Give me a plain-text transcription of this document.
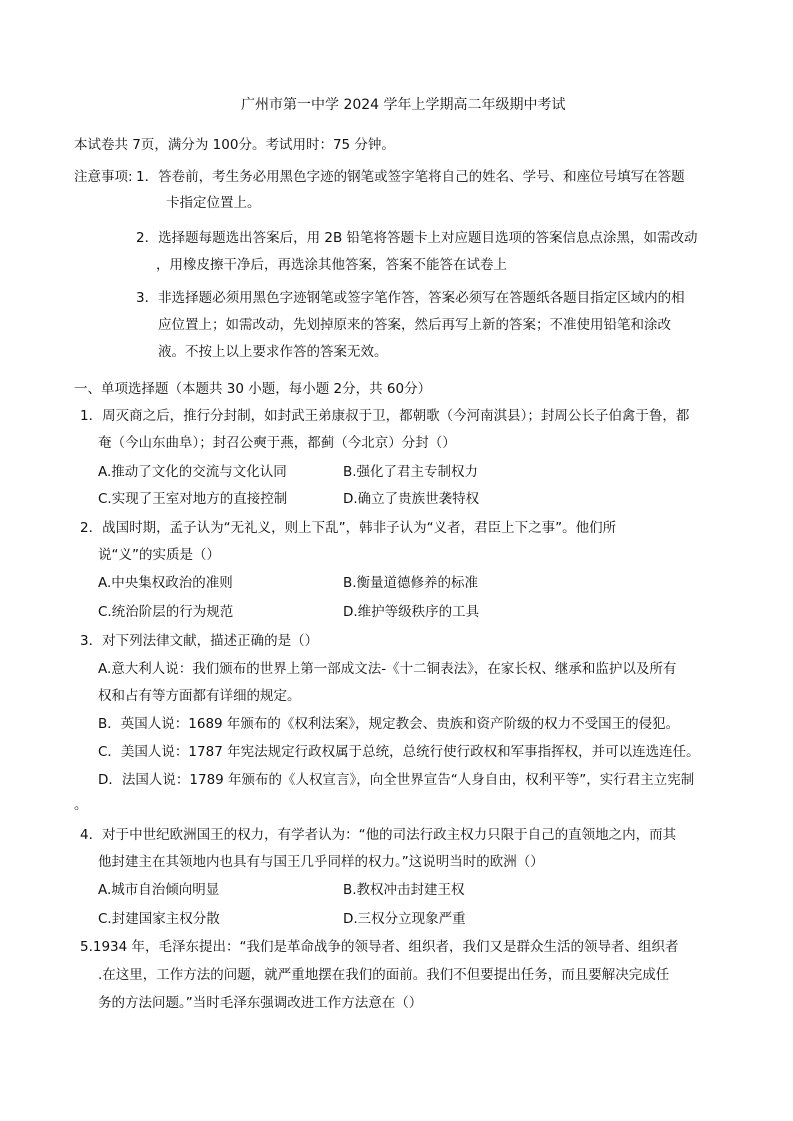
广州市第一中学 2024 学年上学期高二年级期中考试
本试卷共 7页，满分为 100分。考试用时：75 分钟。
注意事项: 1．答卷前，考生务必用黑色字迹的钢笔或签字笔将自己的姓名、学号、和座位号填写在答题
卡指定位置上。
2．选择题每题选出答案后，用 2B 铅笔将答题卡上对应题目选项的答案信息点涂黑，如需改动
，用橡皮擦干净后，再选涂其他答案，答案不能答在试卷上
3．非选择题必须用黑色字迹钢笔或签字笔作答，答案必须写在答题纸各题目指定区域内的相
应位置上；如需改动，先划掉原来的答案，然后再写上新的答案；不准使用铅笔和涂改
液。不按上以上要求作答的答案无效。
一、单项选择题（本题共 30 小题，每小题 2分，共 60分）
1．周灭商之后，推行分封制，如封武王弟康叔于卫，都朝歌（今河南淇县）；封周公长子伯禽于鲁，都
奄（今山东曲阜）；封召公奭于燕，都蓟（今北京）分封（）
A.推动了文化的交流与文化认同	B.强化了君主专制权力
C.实现了王室对地方的直接控制	D.确立了贵族世袭特权
2．战国时期，孟子认为“无礼义，则上下乱”，韩非子认为“义者，君臣上下之事”。他们所
说“义”的实质是（）
A.中央集权政治的准则	B.衡量道德修养的标准
C.统治阶层的行为规范	D.维护等级秩序的工具
3．对下列法律文献，描述正确的是（）
A.意大利人说：我们颁布的世界上第一部成文法-《十二铜表法》，在家长权、继承和监护以及所有
权和占有等方面都有详细的规定。
B．英国人说：1689 年颁布的《权利法案》，规定教会、贵族和资产阶级的权力不受国王的侵犯。
C．美国人说：1787 年宪法规定行政权属于总统，总统行使行政权和军事指挥权，并可以连选连任。
D．法国人说：1789 年颁布的《人权宣言》，向全世界宣告“人身自由，权利平等”，实行君主立宪制
。
4．对于中世纪欧洲国王的权力，有学者认为：“他的司法行政主权力只限于自己的直领地之内，而其
他封建主在其领地内也具有与国王几乎同样的权力。”这说明当时的欧洲（）
A.城市自治倾向明显	B.教权冲击封建王权
C.封建国家主权分散	D.三权分立现象严重
5.1934 年，毛泽东提出：“我们是革命战争的领导者、组织者，我们又是群众生活的领导者、组织者
.在这里，工作方法的问题，就严重地摆在我们的面前。我们不但要提出任务，而且要解决完成任
务的方法问题。”当时毛泽东强调改进工作方法意在（）
